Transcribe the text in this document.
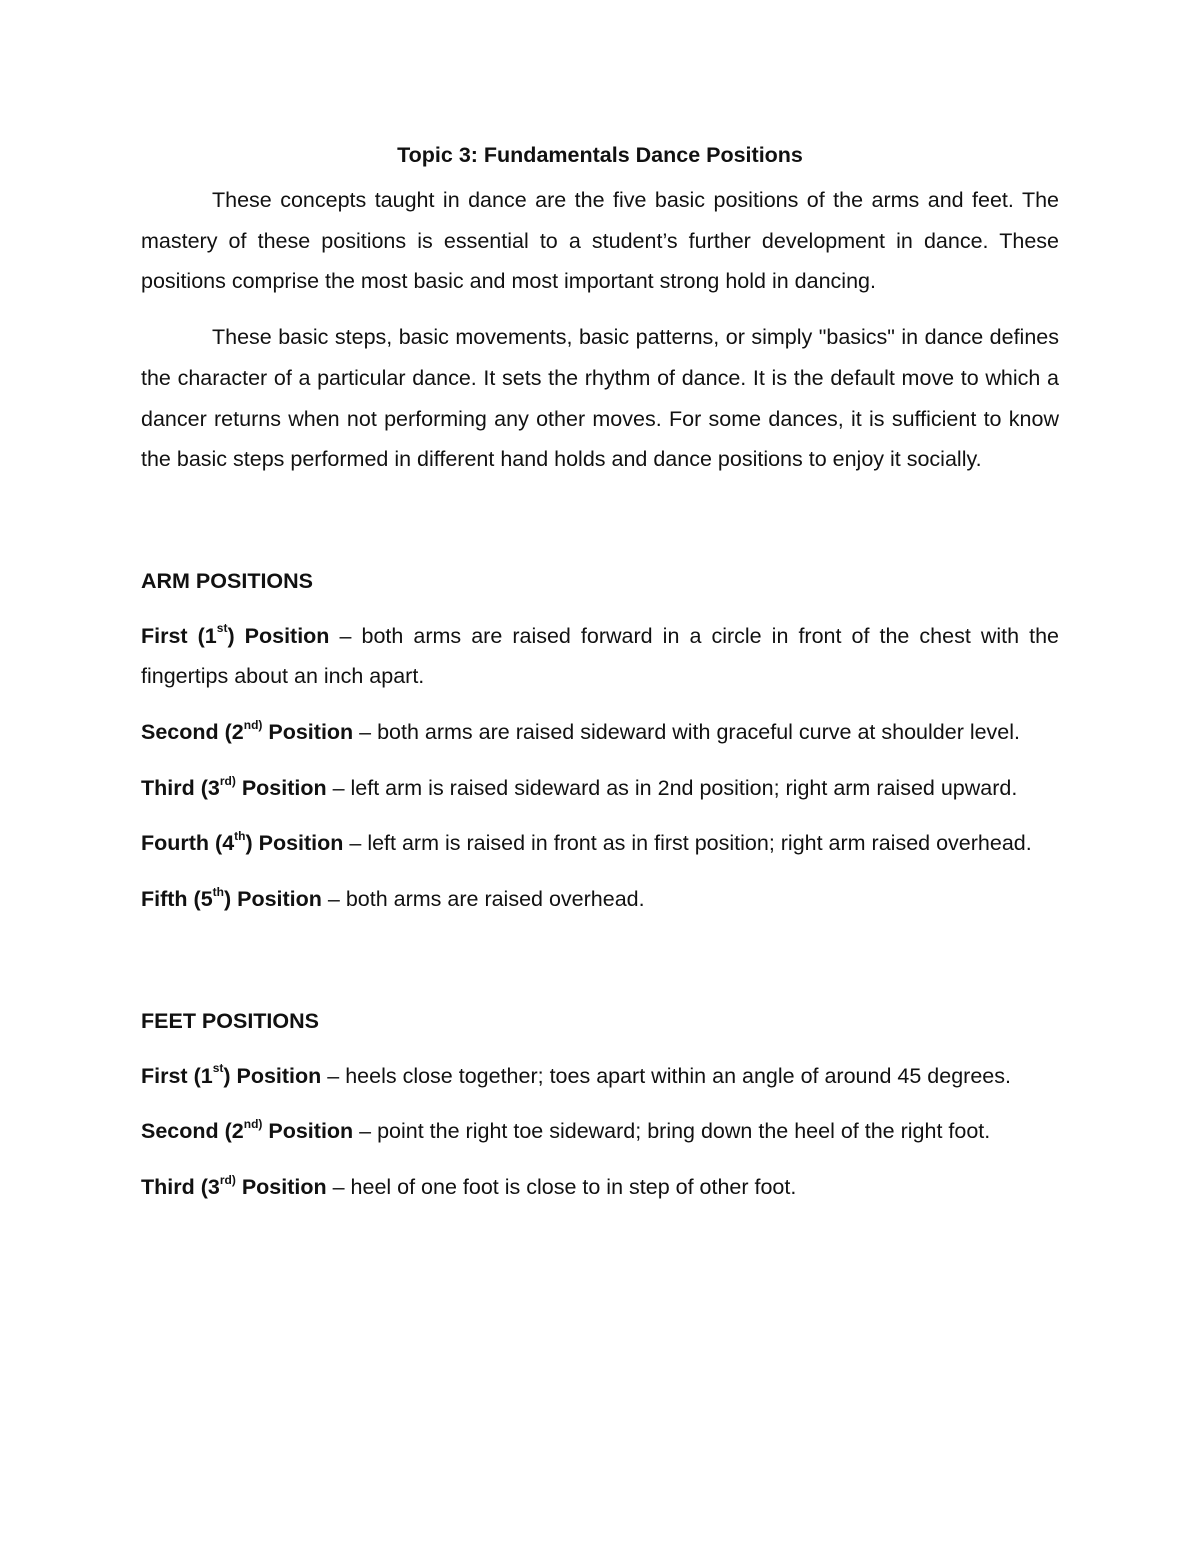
Topic 3: Fundamentals Dance Positions

These concepts taught in dance are the five basic positions of the arms and feet. The mastery of these positions is essential to a student’s further development in dance. These positions comprise the most basic and most important strong hold in dancing.

These basic steps, basic movements, basic patterns, or simply "basics" in dance defines the character of a particular dance. It sets the rhythm of dance. It is the default move to which a dancer returns when not performing any other moves. For some dances, it is sufficient to know the basic steps performed in different hand holds and dance positions to enjoy it socially.

ARM POSITIONS

First (1st) Position – both arms are raised forward in a circle in front of the chest with the fingertips about an inch apart.

Second ($2^{nd)}$ Position – both arms are raised sideward with graceful curve at shoulder level.

Third ($3^{rd)}$ Position – left arm is raised sideward as in 2nd position; right arm raised upward.

Fourth (4th) Position – left arm is raised in front as in first position; right arm raised overhead.

Fifth (5th) Position – both arms are raised overhead.

FEET POSITIONS

First (1st) Position – heels close together; toes apart within an angle of around 45 degrees.

Second ($2^{nd)}$ Position – point the right toe sideward; bring down the heel of the right foot.

Third ($3^{rd)}$ Position – heel of one foot is close to in step of other foot.
